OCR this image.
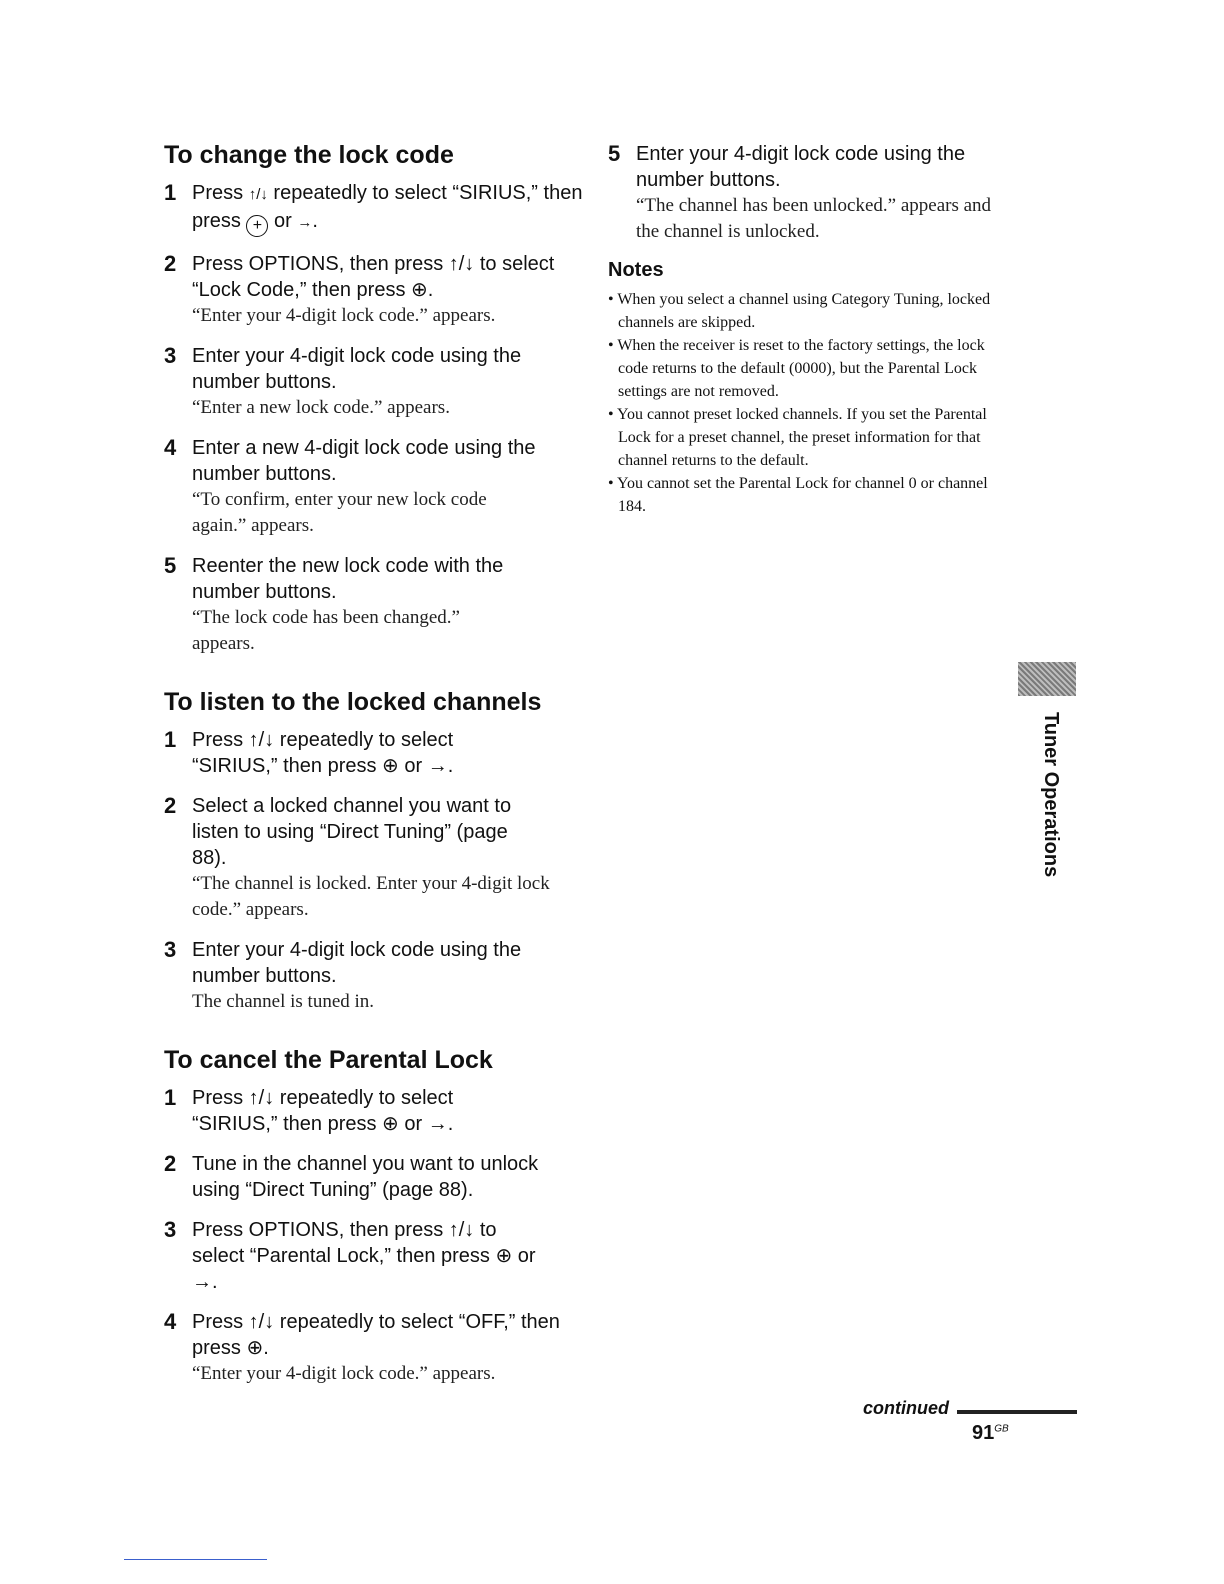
To change the lock code
1 Press ↑/↓ repeatedly to select “SIRIUS,” then press + or →.
2 Press OPTIONS, then press ↑/↓ to select “Lock Code,” then press ⊕.
“Enter your 4-digit lock code.” appears.
3 Enter your 4-digit lock code using the number buttons.
“Enter a new lock code.” appears.
4 Enter a new 4-digit lock code using the number buttons.
“To confirm, enter your new lock code again.” appears.
5 Reenter the new lock code with the number buttons.
“The lock code has been changed.” appears.
To listen to the locked channels
1 Press ↑/↓ repeatedly to select “SIRIUS,” then press ⊕ or →.
2 Select a locked channel you want to listen to using “Direct Tuning” (page 88).
“The channel is locked. Enter your 4-digit lock code.” appears.
3 Enter your 4-digit lock code using the number buttons.
The channel is tuned in.
To cancel the Parental Lock
1 Press ↑/↓ repeatedly to select “SIRIUS,” then press ⊕ or →.
2 Tune in the channel you want to unlock using “Direct Tuning” (page 88).
3 Press OPTIONS, then press ↑/↓ to select “Parental Lock,” then press ⊕ or →.
4 Press ↑/↓ repeatedly to select “OFF,” then press ⊕.
“Enter your 4-digit lock code.” appears.
5 Enter your 4-digit lock code using the number buttons.
“The channel has been unlocked.” appears and the channel is unlocked.
Notes
• When you select a channel using Category Tuning, locked channels are skipped.
• When the receiver is reset to the factory settings, the lock code returns to the default (0000), but the Parental Lock settings are not removed.
• You cannot preset locked channels. If you set the Parental Lock for a preset channel, the preset information for that channel returns to the default.
• You cannot set the Parental Lock for channel 0 or channel 184.
Tuner Operations
continued
$91^{GB}$
